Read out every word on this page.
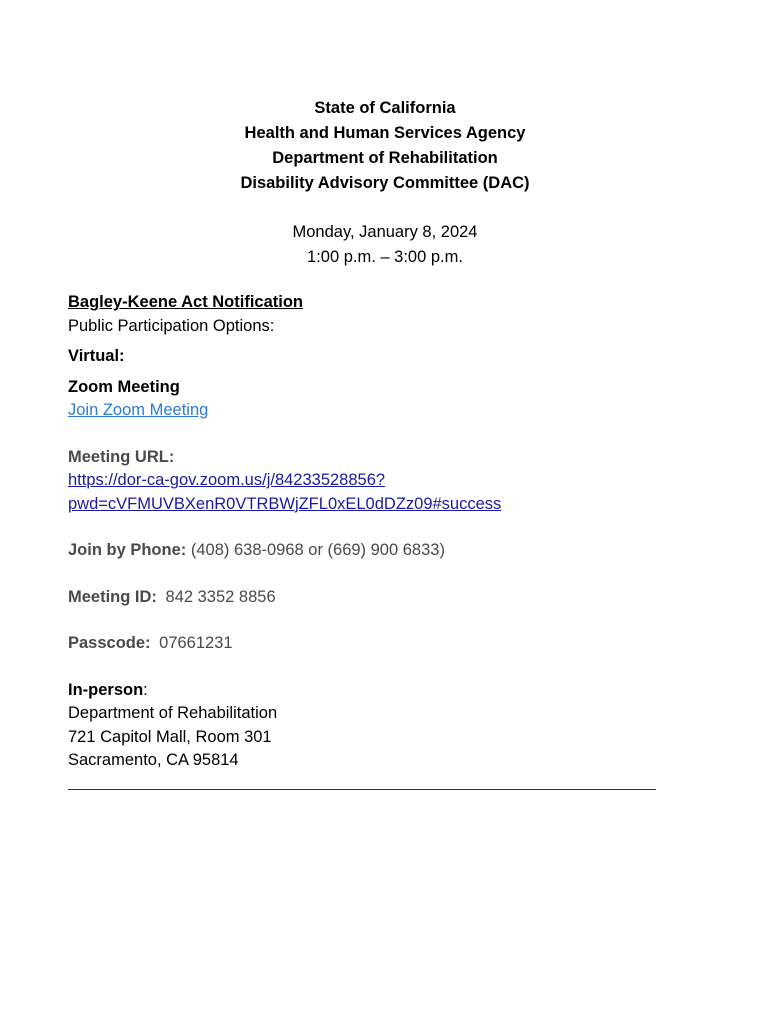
State of California
Health and Human Services Agency
Department of Rehabilitation
Disability Advisory Committee (DAC)
Monday, January 8, 2024
1:00 p.m. – 3:00 p.m.
Bagley-Keene Act Notification
Public Participation Options:
Virtual:
Zoom Meeting
Join Zoom Meeting
Meeting URL:
https://dor-ca-gov.zoom.us/j/84233528856?
pwd=cVFMUVBXenR0VTRBWjZFL0xEL0dDZz09#success
Join by Phone: (408) 638-0968 or (669) 900 6833)
Meeting ID: 842 3352 8856
Passcode: 07661231
In-person:
Department of Rehabilitation
721 Capitol Mall, Room 301
Sacramento, CA 95814
